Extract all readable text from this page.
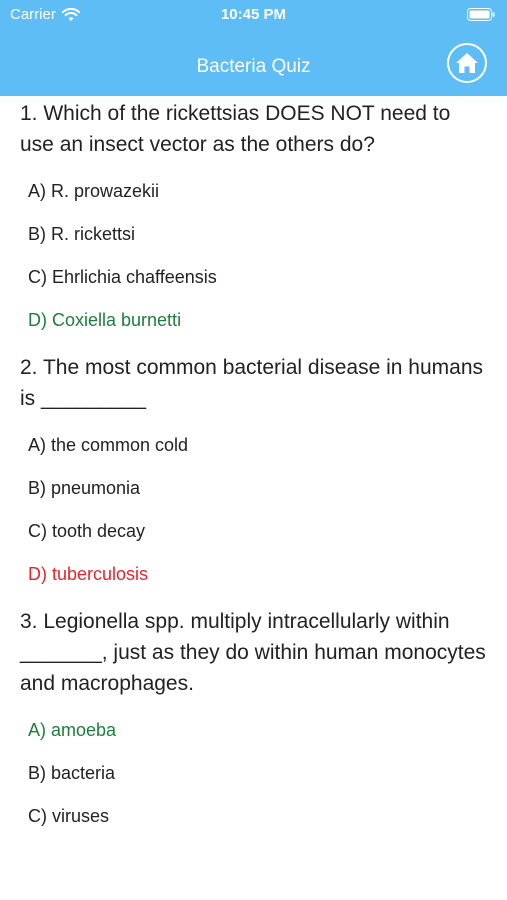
Carrier	10:45 PM
Bacteria Quiz
1. Which of the rickettsias DOES NOT need to use an insect vector as the others do?
A) R. prowazekii
B) R. rickettsi
C) Ehrlichia chaffeensis
D) Coxiella burnetti
2. The most common bacterial disease in humans is _________
A) the common cold
B) pneumonia
C) tooth decay
D) tuberculosis
3. Legionella spp. multiply intracellularly within _______, just as they do within human monocytes and macrophages.
A) amoeba
B) bacteria
C) viruses
